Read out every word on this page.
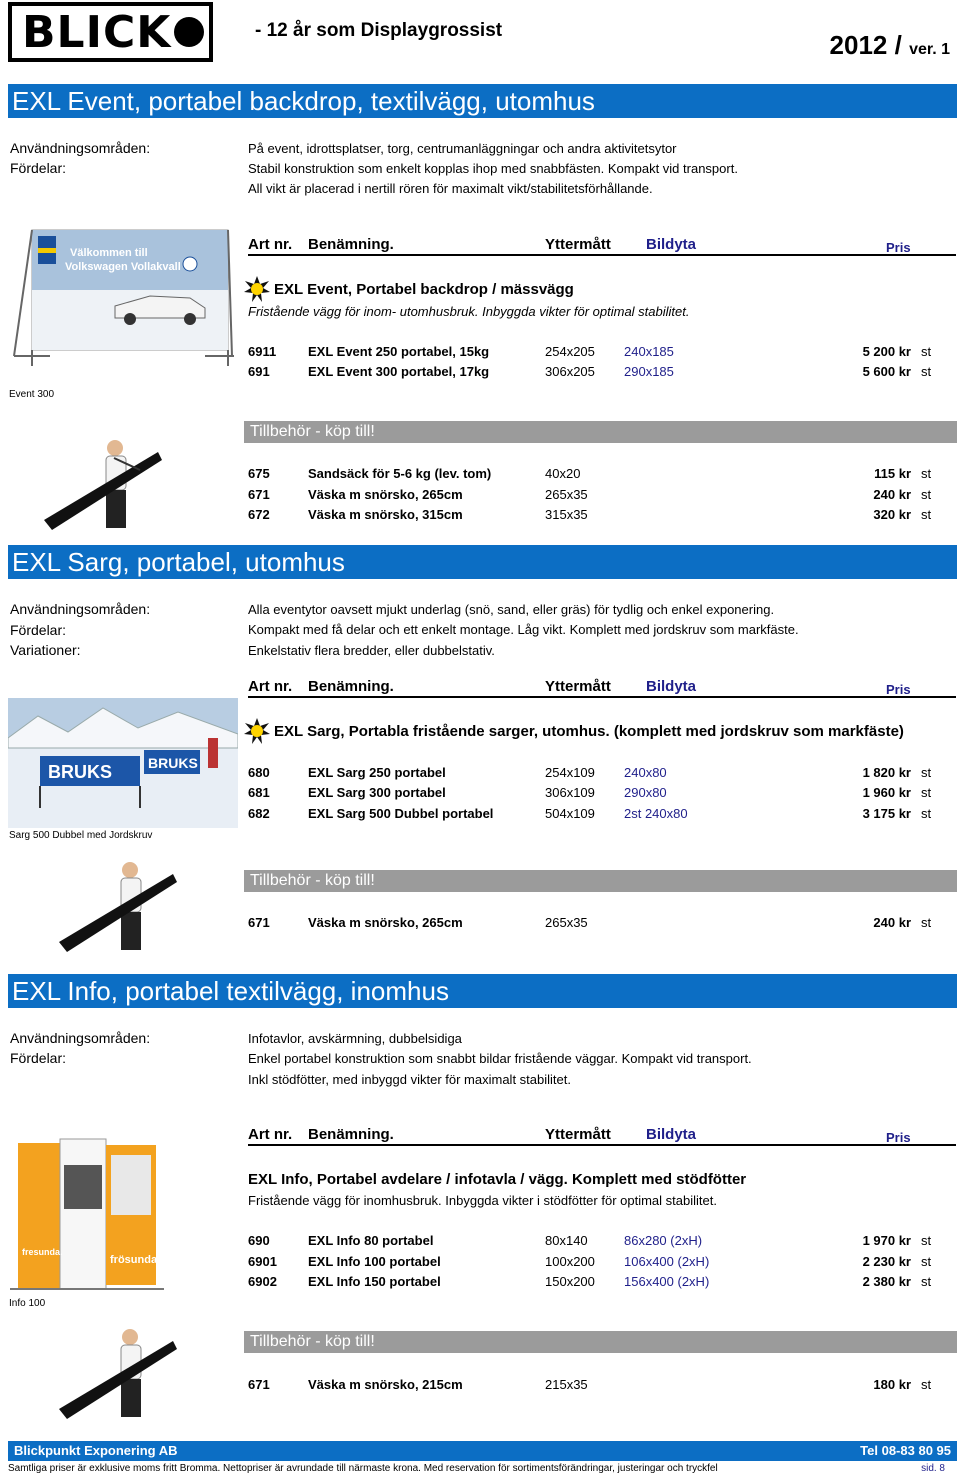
BLICK	- 12 år som Displaygrossist	2012 / ver. 1
EXL Event, portabel backdrop, textilvägg, utomhus
Användningsområden:
Fördelar:
På event, idrottsplatser, torg, centrumanläggningar och andra aktivitetsytor
Stabil konstruktion som enkelt kopplas ihop med snabbfästen. Kompakt vid transport.
All vikt är placerad i nertill rören för maximalt vikt/stabilitetsförhållande.
Välkommen till
Volkswagen Vollakvall
Event 300
Art nr. Benämning.	Yttermått Bildyta	Pris
EXL Event, Portabel backdrop / mässvägg
Fristående vägg för inom- utomhusbruk. Inbyggda vikter för optimal stabilitet.
6911 EXL Event 250 portabel, 15kg	254x205 240x185	5 200 kr st
691	EXL Event 300 portabel, 17kg	306x205 290x185	5 600 kr st
Tillbehör - köp till!
675	Sandsäck för 5-6 kg (lev. tom)	40x20	115 kr st
671	Väska m snörsko, 265cm	265x35	240 kr st
672	Väska m snörsko, 315cm	315x35	320 kr st
EXL Sarg, portabel, utomhus
Användningsområden:
Fördelar:
Variationer:
Alla eventytor oavsett mjukt underlag (snö, sand, eller gräs) för tydlig och enkel exponering.
Kompakt med få delar och ett enkelt montage. Låg vikt. Komplett med jordskruv som markfäste.
Enkelstativ flera bredder, eller dubbelstativ.
Art nr. Benämning.	Yttermått Bildyta	Pris
BRUKS	BRUKS
Sarg 500 Dubbel med Jordskruv
EXL Sarg, Portabla fristående sarger, utomhus. (komplett med jordskruv som markfäste)
680	EXL Sarg 250 portabel	254x109 240x80	1 820 kr st
681	EXL Sarg 300 portabel	306x109 290x80	1 960 kr st
682	EXL Sarg 500 Dubbel portabel	504x109 2st 240x80	3 175 kr st
Tillbehör - köp till!
671	Väska m snörsko, 265cm	265x35	240 kr st
EXL Info, portabel textilvägg, inomhus
Användningsområden:
Fördelar:
Infotavlor, avskärmning, dubbelsidiga
Enkel portabel konstruktion som snabbt bildar fristående väggar. Kompakt vid transport.
Inkl stödfötter, med inbyggd vikter för maximalt stabilitet.
Art nr. Benämning.	Yttermått Bildyta	Pris
fresunda.
frösunda.
Info 100
EXL Info, Portabel avdelare / infotavla / vägg. Komplett med stödfötter
Fristående vägg för inomhusbruk. Inbyggda vikter i stödfötter för optimal stabilitet.
690	EXL Info 80 portabel	80x140	86x280 (2xH)	1 970 kr st
6901 EXL Info 100 portabel	100x200 106x400 (2xH)	2 230 kr st
6902 EXL Info 150 portabel	150x200 156x400 (2xH)	2 380 kr st
Tillbehör - köp till!
671	Väska m snörsko, 215cm	215x35	180 kr st
Blickpunkt Exponering AB	Tel 08-83 80 95
Samtliga priser är exklusive moms fritt Bromma. Nettopriser är avrundade till närmaste krona. Med reservation för sortimentsförändringar, justeringar och tryckfel	sid. 8
